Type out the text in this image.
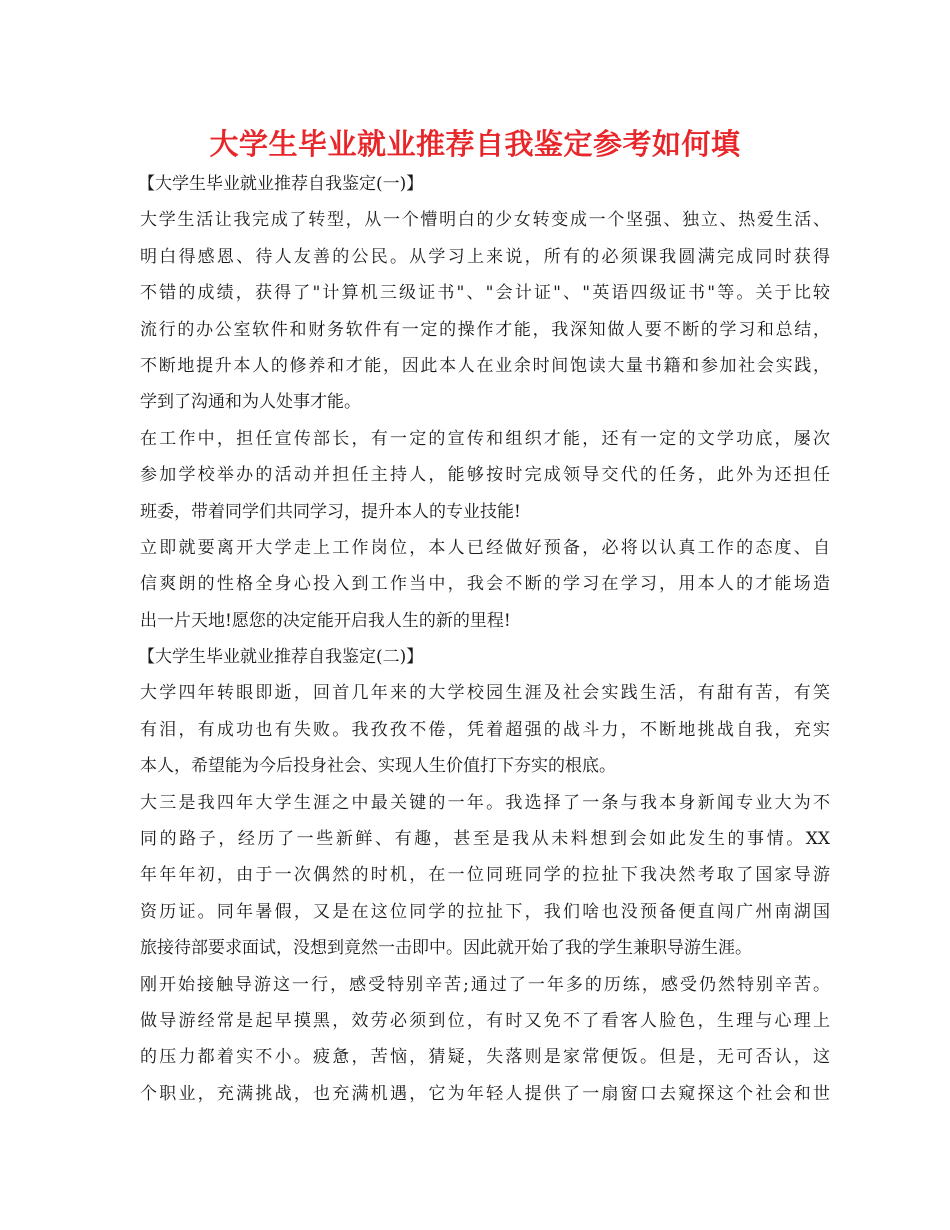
大学生毕业就业推荐自我鉴定参考如何填
【大学生毕业就业推荐自我鉴定(一)】
大学生活让我完成了转型，从一个懵明白的少女转变成一个坚强、独立、热爱生活、
明白得感恩、待人友善的公民。从学习上来说，所有的必须课我圆满完成同时获得
不错的成绩，获得了"计算机三级证书"、"会计证"、"英语四级证书"等。关于比较
流行的办公室软件和财务软件有一定的操作才能，我深知做人要不断的学习和总结，
不断地提升本人的修养和才能，因此本人在业余时间饱读大量书籍和参加社会实践，
学到了沟通和为人处事才能。
在工作中，担任宣传部长，有一定的宣传和组织才能，还有一定的文学功底，屡次
参加学校举办的活动并担任主持人，能够按时完成领导交代的任务，此外为还担任
班委，带着同学们共同学习，提升本人的专业技能!
立即就要离开大学走上工作岗位，本人已经做好预备，必将以认真工作的态度、自
信爽朗的性格全身心投入到工作当中，我会不断的学习在学习，用本人的才能场造
出一片天地!愿您的决定能开启我人生的新的里程!
【大学生毕业就业推荐自我鉴定(二)】
大学四年转眼即逝，回首几年来的大学校园生涯及社会实践生活，有甜有苦，有笑
有泪，有成功也有失败。我孜孜不倦，凭着超强的战斗力，不断地挑战自我，充实
本人，希望能为今后投身社会、实现人生价值打下夯实的根底。
大三是我四年大学生涯之中最关键的一年。我选择了一条与我本身新闻专业大为不
同的路子，经历了一些新鲜、有趣，甚至是我从未料想到会如此发生的事情。XX
年年年初，由于一次偶然的时机，在一位同班同学的拉扯下我决然考取了国家导游
资历证。同年暑假，又是在这位同学的拉扯下，我们啥也没预备便直闯广州南湖国
旅接待部要求面试，没想到竟然一击即中。因此就开始了我的学生兼职导游生涯。
刚开始接触导游这一行，感受特别辛苦;通过了一年多的历练，感受仍然特别辛苦。
做导游经常是起早摸黑，效劳必须到位，有时又免不了看客人脸色，生理与心理上
的压力都着实不小。疲惫，苦恼，猜疑，失落则是家常便饭。但是，无可否认，这
个职业，充满挑战，也充满机遇，它为年轻人提供了一扇窗口去窥探这个社会和世
